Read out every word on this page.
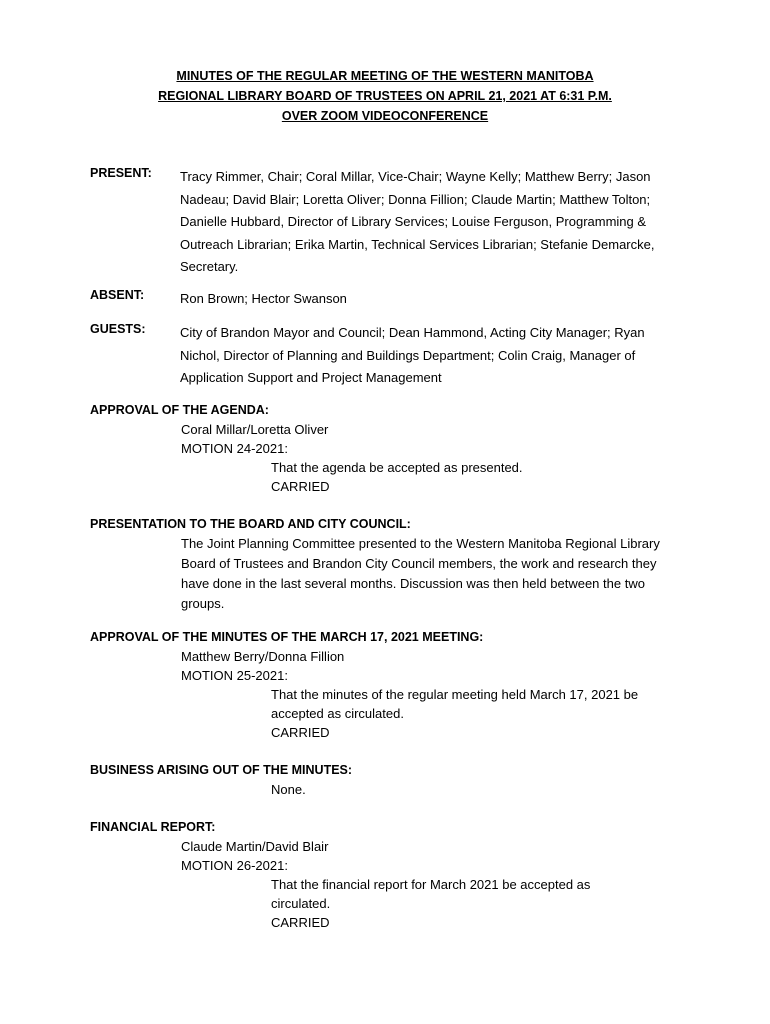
MINUTES OF THE REGULAR MEETING OF THE WESTERN MANITOBA
REGIONAL LIBRARY BOARD OF TRUSTEES ON APRIL 21, 2021 AT 6:31 P.M.
OVER ZOOM VIDEOCONFERENCE
PRESENT: Tracy Rimmer, Chair; Coral Millar, Vice-Chair; Wayne Kelly; Matthew Berry; Jason Nadeau; David Blair; Loretta Oliver; Donna Fillion; Claude Martin; Matthew Tolton; Danielle Hubbard, Director of Library Services; Louise Ferguson, Programming & Outreach Librarian; Erika Martin, Technical Services Librarian; Stefanie Demarcke, Secretary.
ABSENT:	Ron Brown; Hector Swanson
GUESTS:	City of Brandon Mayor and Council; Dean Hammond, Acting City Manager; Ryan Nichol, Director of Planning and Buildings Department; Colin Craig, Manager of Application Support and Project Management
APPROVAL OF THE AGENDA:
Coral Millar/Loretta Oliver
MOTION 24-2021:
That the agenda be accepted as presented.
CARRIED
PRESENTATION TO THE BOARD AND CITY COUNCIL:
The Joint Planning Committee presented to the Western Manitoba Regional Library Board of Trustees and Brandon City Council members, the work and research they have done in the last several months. Discussion was then held between the two groups.
APPROVAL OF THE MINUTES OF THE MARCH 17, 2021 MEETING:
Matthew Berry/Donna Fillion
MOTION 25-2021:
That the minutes of the regular meeting held March 17, 2021 be accepted as circulated.
CARRIED
BUSINESS ARISING OUT OF THE MINUTES:
None.
FINANCIAL REPORT:
Claude Martin/David Blair
MOTION 26-2021:
That the financial report for March 2021 be accepted as circulated.
CARRIED
